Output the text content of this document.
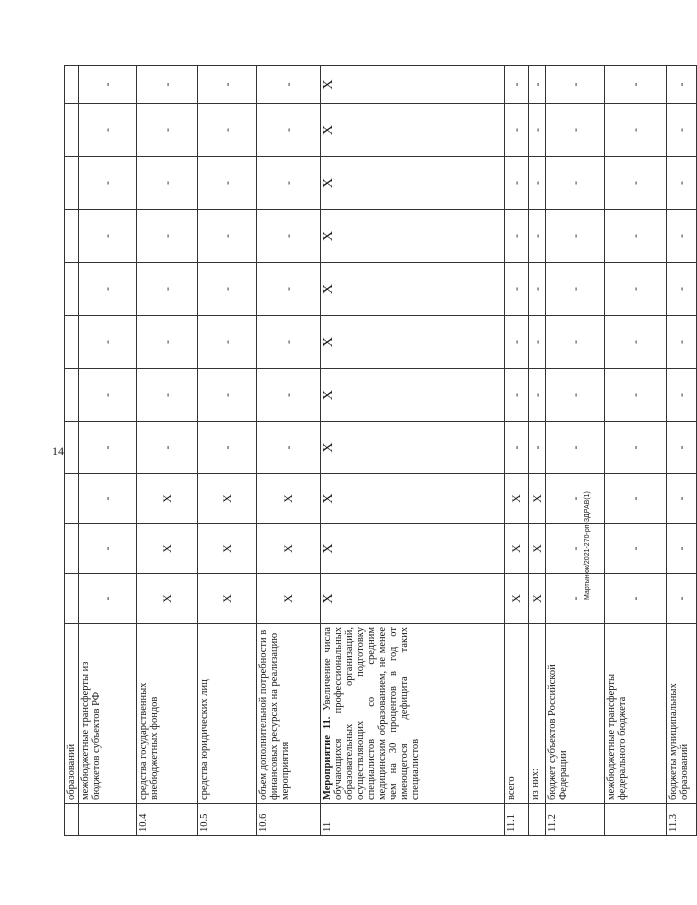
14
Мартынюк/2021-270-рп-ЗДРАВ(1)
	образований											
	межбюджетные трансферты из бюджетов субъектов РФ	-	-	-	-	-	-	-	-	-	-	-
10.4	средства государственных внебюджетных фондов	X	X	X	-	-	-	-	-	-	-	-
10.5	средства юридических лиц	X	X	X	-	-	-	-	-	-	-	-
10.6	объем дополнительной потребности в финансовых ресурсах на реализацию мероприятия	X	X	X	-	-	-	-	-	-	-	-
11	Мероприятие 11. Увеличение числа обучающихся профессиональных образовательных организаций, осуществляющих подготовку специалистов со средним медицинским образованием, не менее чем на 30 процентов в год от имеющегося дефицита таких специалистов	X	X	X	X	X	X	X	X	X	X	X
11.1	всего	X	X	X	-	-	-	-	-	-	-	-
	из них:	X	X	X	-	-	-	-	-	-	-	-
11.2	бюджет субъектов Российской Федерации	-	-	-	-	-	-	-	-	-	-	-
	межбюджетные трансферты федерального бюджета	-	-	-	-	-	-	-	-	-	-	-
11.3	бюджеты муниципальных образований	-	-	-	-	-	-	-	-	-	-	-
